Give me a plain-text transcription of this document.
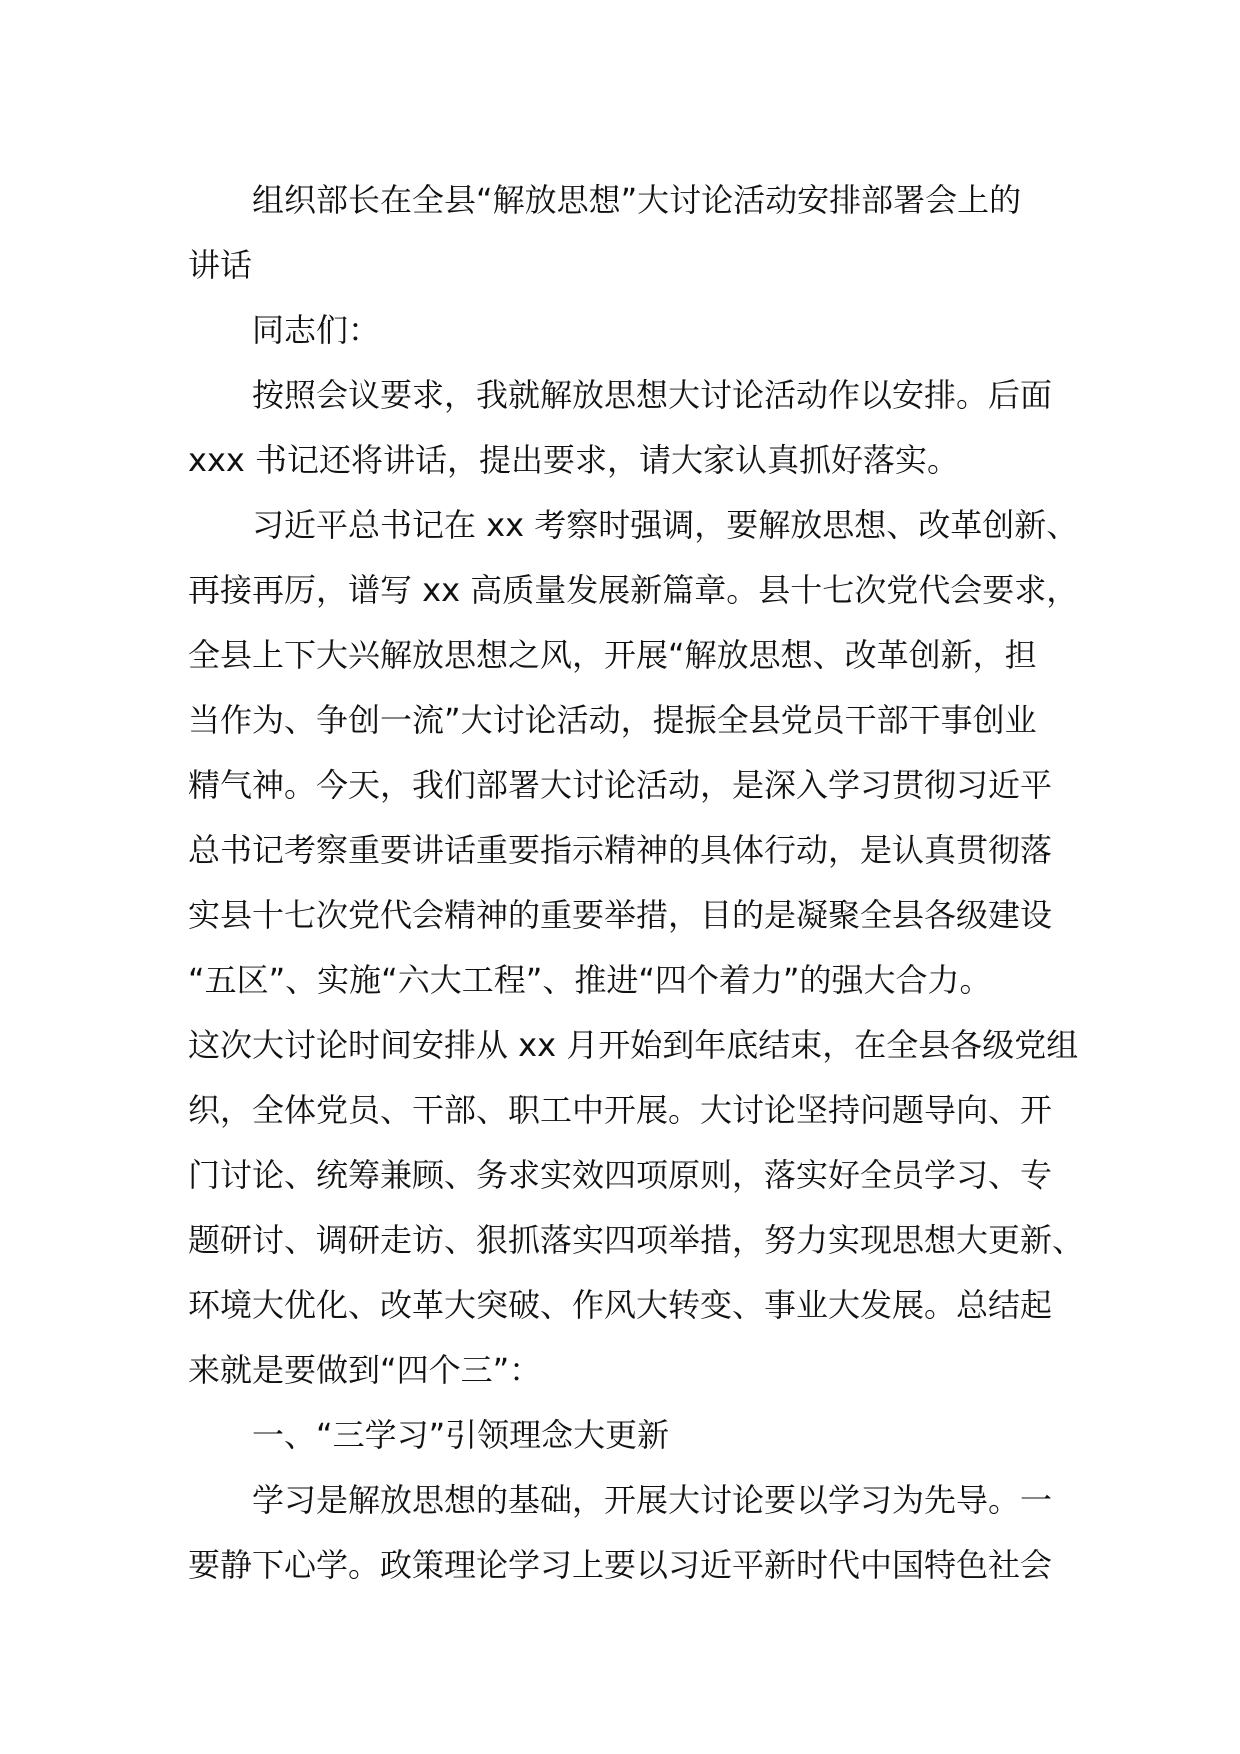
组织部长在全县“解放思想”大讨论活动安排部署会上的
讲话
同志们：
按照会议要求，我就解放思想大讨论活动作以安排。后面
xxx 书记还将讲话，提出要求，请大家认真抓好落实。
习近平总书记在 xx 考察时强调，要解放思想、改革创新、
再接再厉，谱写 xx 高质量发展新篇章。县十七次党代会要求，
全县上下大兴解放思想之风，开展“解放思想、改革创新，担
当作为、争创一流”大讨论活动，提振全县党员干部干事创业
精气神。今天，我们部署大讨论活动，是深入学习贯彻习近平
总书记考察重要讲话重要指示精神的具体行动，是认真贯彻落
实县十七次党代会精神的重要举措，目的是凝聚全县各级建设
“五区”、实施“六大工程”、推进“四个着力”的强大合力。
这次大讨论时间安排从 xx 月开始到年底结束，在全县各级党组
织，全体党员、干部、职工中开展。大讨论坚持问题导向、开
门讨论、统筹兼顾、务求实效四项原则，落实好全员学习、专
题研讨、调研走访、狠抓落实四项举措，努力实现思想大更新、
环境大优化、改革大突破、作风大转变、事业大发展。总结起
来就是要做到“四个三”：
一、“三学习”引领理念大更新
学习是解放思想的基础，开展大讨论要以学习为先导。一
要静下心学。政策理论学习上要以习近平新时代中国特色社会
